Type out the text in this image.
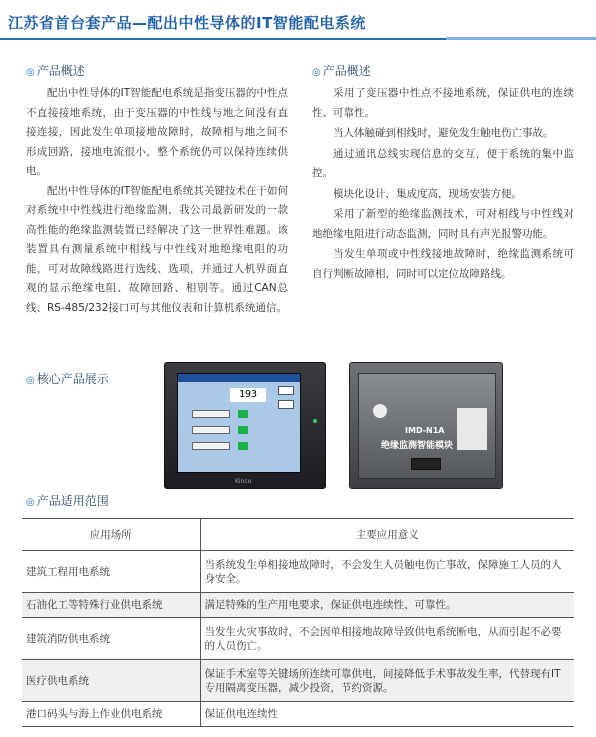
江苏省首台套产品—配出中性导体的IT智能配电系统
◎ 产品概述

配出中性导体的IT智能配电系统是指变压器的中性点不直接接地系统，由于变压器的中性线与地之间没有直接连接，因此发生单项接地故障时，故障相与地之间不形成回路，接地电流很小，整个系统仍可以保持连续供电。

配出中性导体的IT智能配电系统其关键技术在于如何对系统中中性线进行绝缘监测，我公司最新研发的一款高性能的绝缘监测装置已经解决了这一世界性难题。该装置具有测量系统中相线与中性线对地绝缘电阻的功能，可对故障线路进行选线、选项，并通过人机界面直观的显示绝缘电阻、故障回路、相别等。通过CAN总线、RS-485/232接口可与其他仪表和计算机系统通信。

◎ 产品概述

采用了变压器中性点不接地系统，保证供电的连续性、可靠性。

当人体触碰到相线时，避免发生触电伤亡事故。

通过通讯总线实现信息的交互，便于系统的集中监控。

模块化设计，集成度高，现场安装方便。

采用了新型的绝缘监测技术，可对相线与中性线对地绝缘电阻进行动态监测，同时具有声光报警功能。

当发生单项或中性线接地故障时，绝缘监测系统可自行判断故障相，同时可以定位故障路线。

◎ 核心产品展示
193
Kinco
IMD-N1A
绝缘监测智能模块
◎ 产品适用范围
应用场所	主要应用意义
建筑工程用电系统	当系统发生单相接地故障时，不会发生人员触电伤亡事故，保障施工人员的人身安全。
石油化工等特殊行业供电系统	满足特殊的生产用电要求，保证供电连续性、可靠性。
建筑消防供电系统	当发生火灾事故时，不会因单相接地故障导致供电系统断电，从而引起不必要的人员伤亡。
医疗供电系统	保证手术室等关键场所连续可靠供电，间接降低手术事故发生率，代替现有IT专用隔离变压器，减少投资，节约资源。
港口码头与海上作业供电系统	保证供电连续性
